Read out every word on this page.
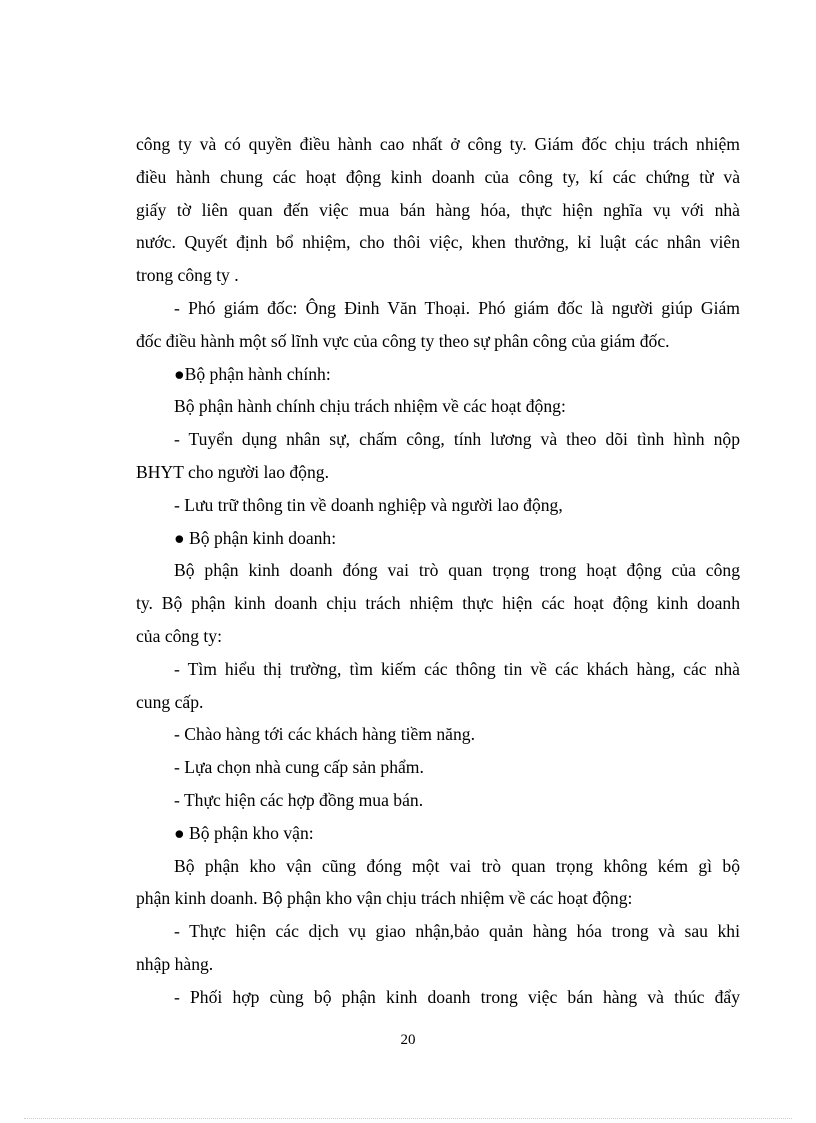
công ty và có quyền điều hành cao nhất ở công ty. Giám đốc chịu trách nhiệm
điều hành chung các hoạt động kinh doanh của công ty, kí các chứng từ và
giấy tờ liên quan đến việc mua bán hàng hóa, thực hiện nghĩa vụ với nhà
nước. Quyết định bổ nhiệm, cho thôi việc, khen thưởng, kỉ luật các nhân viên
trong công ty .
- Phó giám đốc: Ông Đinh Văn Thoại. Phó giám đốc là người giúp Giám
đốc điều hành một số lĩnh vực của công ty theo sự phân công của giám đốc.
●Bộ phận hành chính:
Bộ phận hành chính chịu trách nhiệm về các hoạt động:
- Tuyển dụng nhân sự, chấm công, tính lương và theo dõi tình hình nộp
BHYT cho người lao động.
- Lưu trữ thông tin về doanh nghiệp và người lao động,
● Bộ phận kinh doanh:
Bộ phận kinh doanh đóng vai trò quan trọng trong hoạt động của công
ty. Bộ phận kinh doanh chịu trách nhiệm thực hiện các hoạt động kinh doanh
của công ty:
- Tìm hiểu thị trường, tìm kiếm các thông tin về các khách hàng, các nhà
cung cấp.
- Chào hàng tới các khách hàng tiềm năng.
- Lựa chọn nhà cung cấp sản phẩm.
- Thực hiện các hợp đồng mua bán.
● Bộ phận kho vận:
Bộ phận kho vận cũng đóng một vai trò quan trọng không kém gì bộ
phận kinh doanh. Bộ phận kho vận chịu trách nhiệm về các hoạt động:
- Thực hiện các dịch vụ giao nhận,bảo quản hàng hóa trong và sau khi
nhập hàng.
- Phối hợp cùng bộ phận kinh doanh trong việc bán hàng và thúc đẩy
20
